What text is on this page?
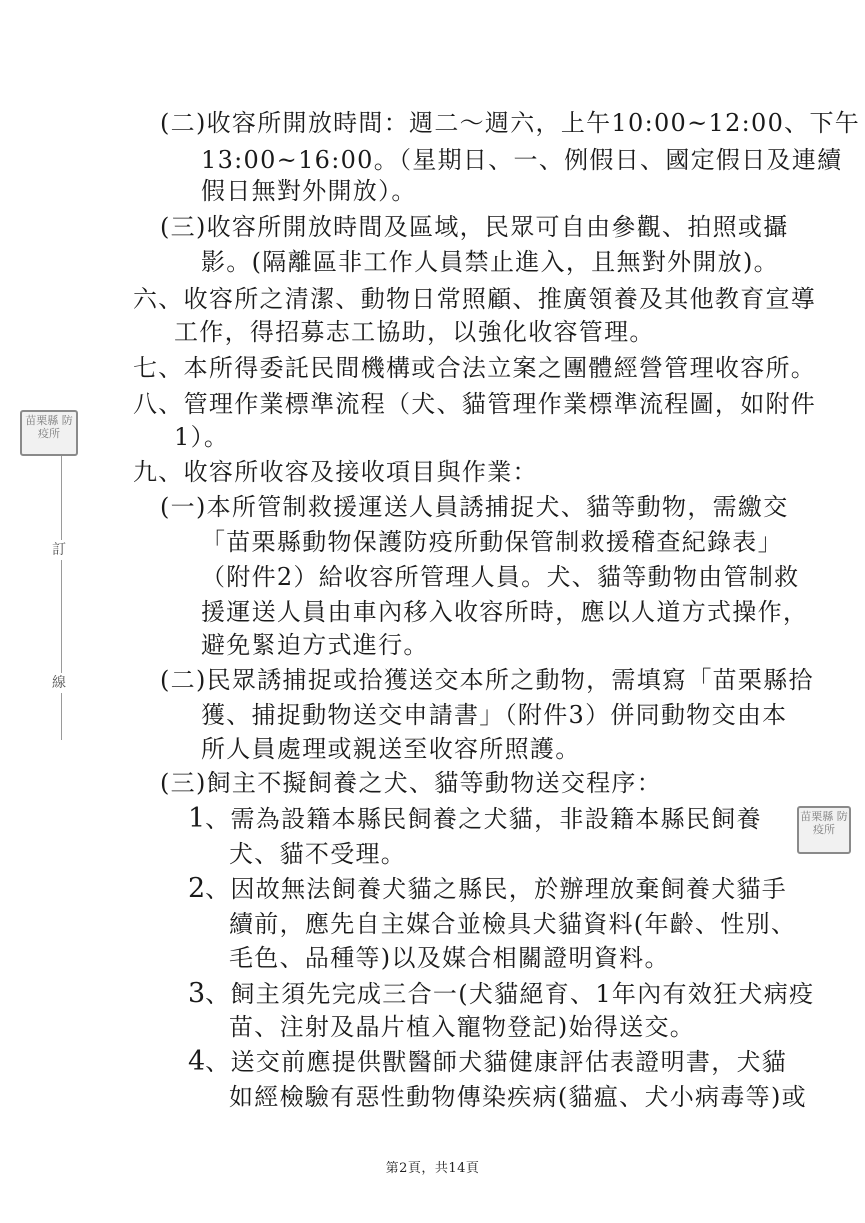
訂
線
苗栗縣 防疫所
苗栗縣 防疫所
(二)收容所開放時間：週二～週六，上午10:00~12:00、下午
13:00~16:00。（星期日、一、例假日、國定假日及連續
假日無對外開放）。
(三)收容所開放時間及區域，民眾可自由參觀、拍照或攝
影。(隔離區非工作人員禁止進入，且無對外開放)。
六、收容所之清潔、動物日常照顧、推廣領養及其他教育宣導
工作，得招募志工協助，以強化收容管理。
七、本所得委託民間機構或合法立案之團體經營管理收容所。
八、管理作業標準流程（犬、貓管理作業標準流程圖，如附件
1）。
九、收容所收容及接收項目與作業：
(一)本所管制救援運送人員誘捕捉犬、貓等動物，需繳交
「苗栗縣動物保護防疫所動保管制救援稽查紀錄表」
（附件2）給收容所管理人員。犬、貓等動物由管制救
援運送人員由車內移入收容所時，應以人道方式操作，
避免緊迫方式進行。
(二)民眾誘捕捉或拾獲送交本所之動物，需填寫「苗栗縣拾
獲、捕捉動物送交申請書」（附件3）併同動物交由本
所人員處理或親送至收容所照護。
(三)飼主不擬飼養之犬、貓等動物送交程序：
1、需為設籍本縣民飼養之犬貓，非設籍本縣民飼養
犬、貓不受理。
2、因故無法飼養犬貓之縣民，於辦理放棄飼養犬貓手
續前，應先自主媒合並檢具犬貓資料(年齡、性別、
毛色、品種等)以及媒合相關證明資料。
3、飼主須先完成三合一(犬貓絕育、1年內有效狂犬病疫
苗、注射及晶片植入寵物登記)始得送交。
4、送交前應提供獸醫師犬貓健康評估表證明書，犬貓
如經檢驗有惡性動物傳染疾病(貓瘟、犬小病毒等)或
第2頁，共14頁
